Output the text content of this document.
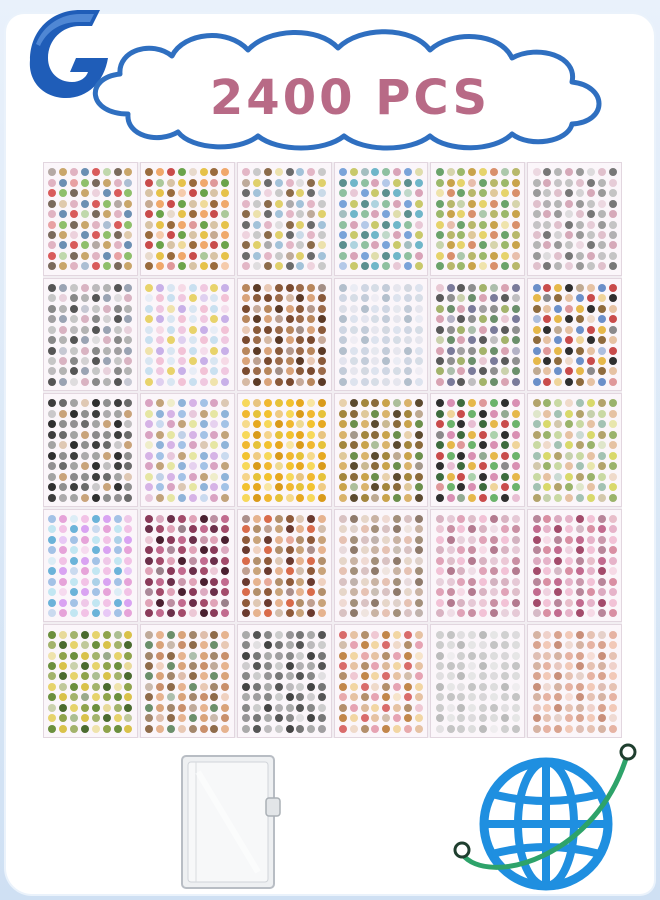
2400 PCS
